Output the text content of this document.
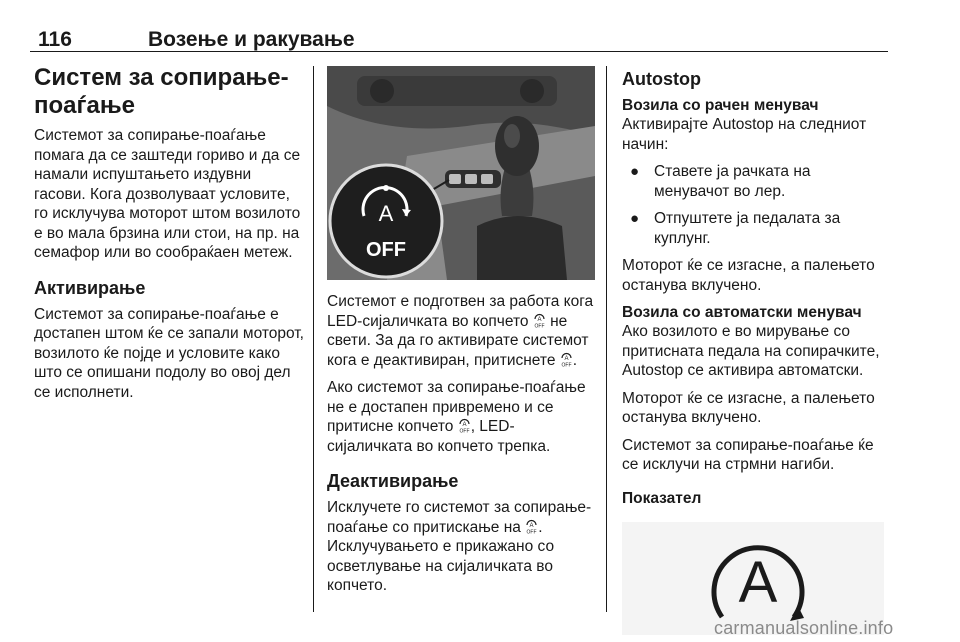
116	Возење и ракување
Систем за сопирање-
поаѓање

Системот за сопирање-поаѓање помага да се заштеди гориво и да се намали испуштањето издувни гасови. Кога дозволуваат условите, го исклучува моторот штом возилото е во мала брзина или стои, на пр. на семафор или во сообраќаен метеж.

Активирање

Системот за сопирање-поаѓање е достапен штом ќе се запали моторот, возилото ќе појде и условите како што се опишани подолу во овој дел се исполнети.

A
OFF

Системот е подготвен за работа кога LED-сијаличката во копчето A
OFF не свети. За да го активирате системот кога е деактивиран, притиснете A
OFF .

Ако системот за сопирање-поаѓање не е достапен привремено и се притисне копчето A
OFF , LED-сијаличката во копчето трепка.

Деактивирање

Исклучете го системот за сопирање-поаѓање со притискање на A
OFF . Исклучувањето е прикажано со осветлување на сијаличката во копчето.

Autostop
Возила со рачен менувач

Активирајте Autostop на следниот начин:

● Ставете ја рачката на менувачот во лер.
● Отпуштете ја педалата за куплунг.

Моторот ќе се изгасне, а палењето останува вклучено.

Возила со автоматски менувач

Ако возилото е во мирување со притисната педала на сопирачките, Autostop се активира автоматски.

Моторот ќе се изгасне, а палењето останува вклучено.

Системот за сопирање-поаѓање ќе се исклучи на стрмни нагиби.

Показател
A
carmanualsonline.info
